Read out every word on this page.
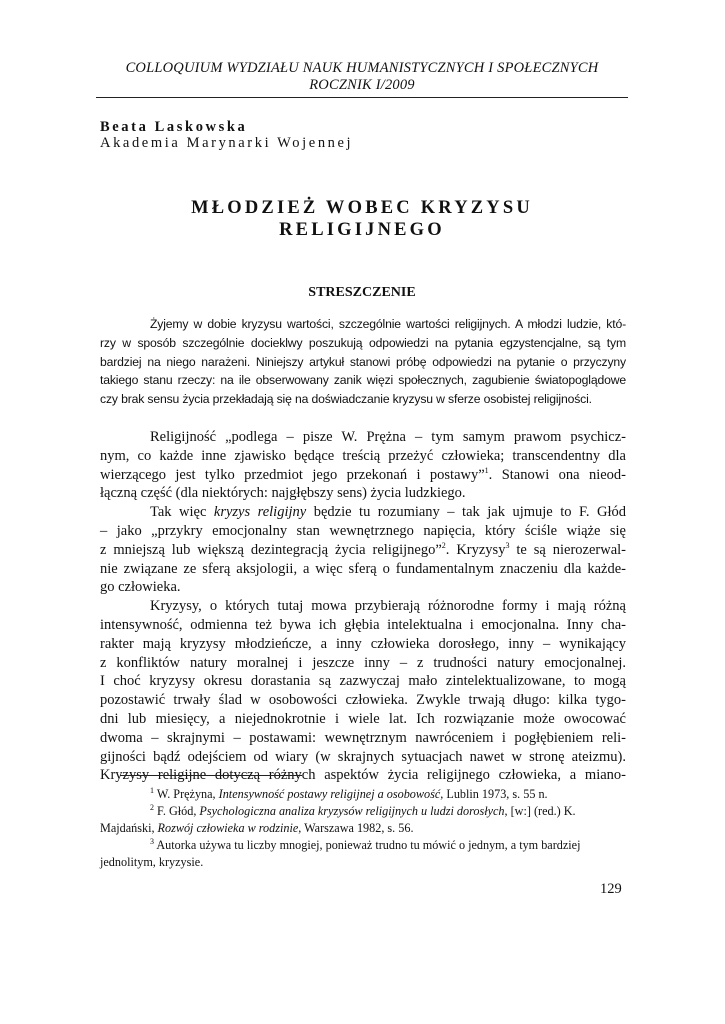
COLLOQUIUM WYDZIAŁU NAUK HUMANISTYCZNYCH I SPOŁECZNYCH
ROCZNIK I/2009
Beata Laskowska
Akademia Marynarki Wojennej
MŁODZIEŻ WOBEC KRYZYSU
RELIGIJNEGO
STRESZCZENIE
Żyjemy w dobie kryzysu wartości, szczególnie wartości religijnych. A młodzi ludzie, któ-
rzy w sposób szczególnie docieklwy poszukują odpowiedzi na pytania egzystencjalne, są tym
bardziej na niego narażeni. Niniejszy artykuł stanowi próbę odpowiedzi na pytanie o przyczyny
takiego stanu rzeczy: na ile obserwowany zanik więzi społecznych, zagubienie światopoglądowe
czy brak sensu życia przekładają się na doświadczanie kryzysu w sferze osobistej religijności.
Religijność „podlega – pisze W. Prężna – tym samym prawom psychicz-
nym, co każde inne zjawisko będące treścią przeżyć człowieka; transcendentny dla
wierzącego jest tylko przedmiot jego przekonań i postawy”$^1$. Stanowi ona nieod-
łączną część (dla niektórych: najgłębszy sens) życia ludzkiego.
Tak więc kryzys religijny będzie tu rozumiany – tak jak ujmuje to F. Głód
– jako „przykry emocjonalny stan wewnętrznego napięcia, który ściśle wiąże się
z mniejszą lub większą dezintegracją życia religijnego”$^2$. Kryzysy$^3$ te są nierozerwal-
nie związane ze sferą aksjologii, a więc sferą o fundamentalnym znaczeniu dla każde-
go człowieka.
Kryzysy, o których tutaj mowa przybierają różnorodne formy i mają różną
intensywność, odmienna też bywa ich głębia intelektualna i emocjonalna. Inny cha-
rakter mają kryzysy młodzieńcze, a inny człowieka dorosłego, inny – wynikający
z konfliktów natury moralnej i jeszcze inny – z trudności natury emocjonalnej.
I choć kryzysy okresu dorastania są zazwyczaj mało zintelektualizowane, to mogą
pozostawić trwały ślad w osobowości człowieka. Zwykle trwają długo: kilka tygo-
dni lub miesięcy, a niejednokrotnie i wiele lat. Ich rozwiązanie może owocować
dwoma – skrajnymi – postawami: wewnętrznym nawróceniem i pogłębieniem reli-
gijności bądź odejściem od wiary (w skrajnych sytuacjach nawet w stronę ateizmu).
Kryzysy religijne dotyczą różnych aspektów życia religijnego człowieka, a miano-
$^1$ W. Prężyna, Intensywność postawy religijnej a osobowość, Lublin 1973, s. 55 n.
$^2$ F. Głód, Psychologiczna analiza kryzysów religijnych u ludzi dorosłych, [w:] (red.) K. Majdański, Rozwój człowieka w rodzinie, Warszawa 1982, s. 56.
$^3$ Autorka używa tu liczby mnogiej, ponieważ trudno tu mówić o jednym, a tym bardziej jednolitym, kryzysie.
129
